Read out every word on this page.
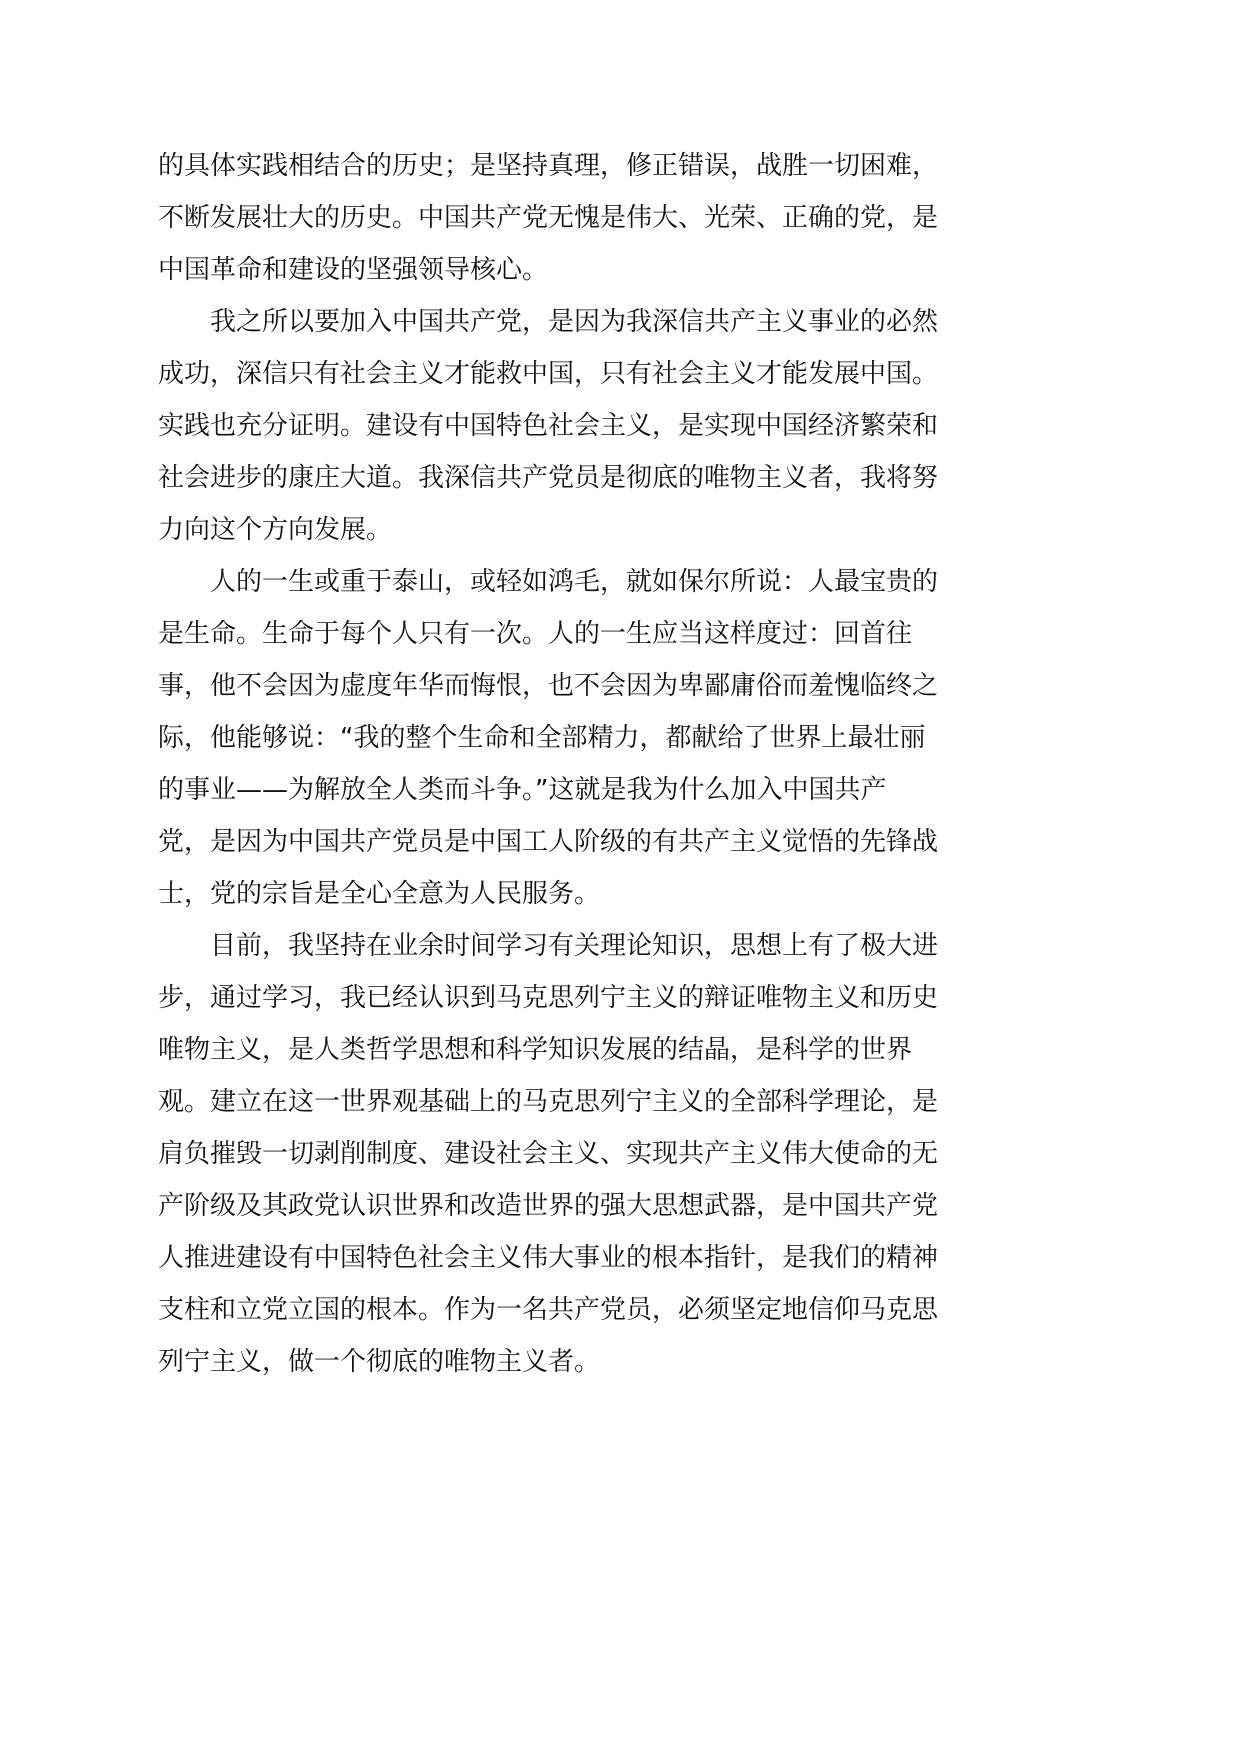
的具体实践相结合的历史；是坚持真理，修正错误，战胜一切困难，
不断发展壮大的历史。中国共产党无愧是伟大、光荣、正确的党，是
中国革命和建设的坚强领导核心。
我之所以要加入中国共产党，是因为我深信共产主义事业的必然
成功，深信只有社会主义才能救中国，只有社会主义才能发展中国。
实践也充分证明。建设有中国特色社会主义，是实现中国经济繁荣和
社会进步的康庄大道。我深信共产党员是彻底的唯物主义者，我将努
力向这个方向发展。
人的一生或重于泰山，或轻如鸿毛，就如保尔所说：人最宝贵的
是生命。生命于每个人只有一次。人的一生应当这样度过：回首往
事，他不会因为虚度年华而悔恨，也不会因为卑鄙庸俗而羞愧临终之
际，他能够说：“我的整个生命和全部精力，都献给了世界上最壮丽
的事业——为解放全人类而斗争。”这就是我为什么加入中国共产
党，是因为中国共产党员是中国工人阶级的有共产主义觉悟的先锋战
士，党的宗旨是全心全意为人民服务。
目前，我坚持在业余时间学习有关理论知识，思想上有了极大进
步，通过学习，我已经认识到马克思列宁主义的辩证唯物主义和历史
唯物主义，是人类哲学思想和科学知识发展的结晶，是科学的世界
观。建立在这一世界观基础上的马克思列宁主义的全部科学理论，是
肩负摧毁一切剥削制度、建设社会主义、实现共产主义伟大使命的无
产阶级及其政党认识世界和改造世界的强大思想武器，是中国共产党
人推进建设有中国特色社会主义伟大事业的根本指针，是我们的精神
支柱和立党立国的根本。作为一名共产党员，必须坚定地信仰马克思
列宁主义，做一个彻底的唯物主义者。
